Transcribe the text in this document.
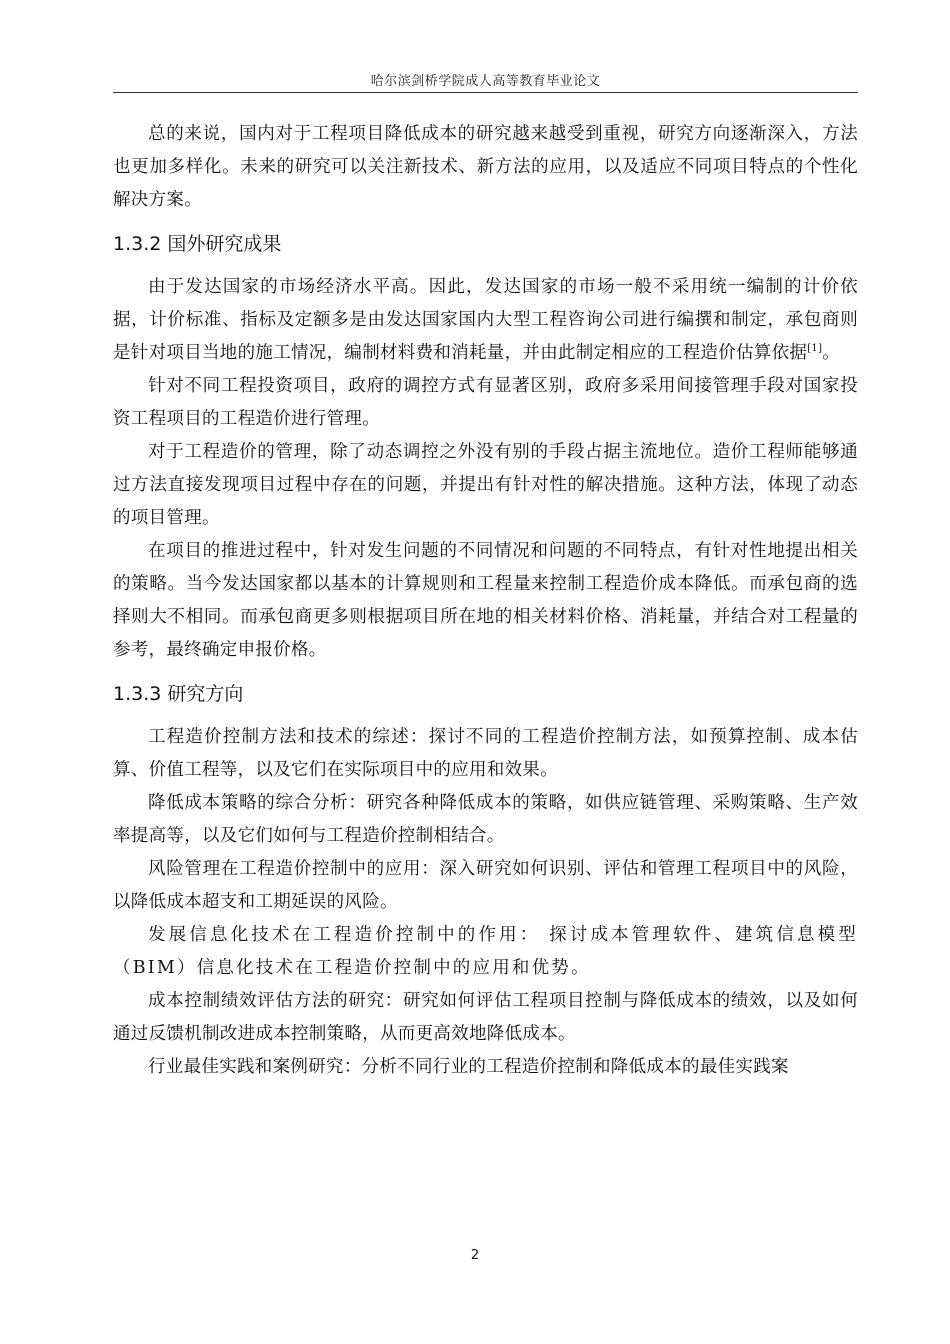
哈尔滨剑桥学院成人高等教育毕业论文

总的来说，国内对于工程项目降低成本的研究越来越受到重视，研究方向逐渐深入，方法也更加多样化。未来的研究可以关注新技术、新方法的应用，以及适应不同项目特点的个性化解决方案。

1.3.2 国外研究成果

由于发达国家的市场经济水平高。因此，发达国家的市场一般不采用统一编制的计价依据，计价标准、指标及定额多是由发达国家国内大型工程咨询公司进行编撰和制定，承包商则是针对项目当地的施工情况，编制材料费和消耗量，并由此制定相应的工程造价估算依据[1]。

针对不同工程投资项目，政府的调控方式有显著区别，政府多采用间接管理手段对国家投资工程项目的工程造价进行管理。

对于工程造价的管理，除了动态调控之外没有别的手段占据主流地位。造价工程师能够通过方法直接发现项目过程中存在的问题，并提出有针对性的解决措施。这种方法，体现了动态的项目管理。

在项目的推进过程中，针对发生问题的不同情况和问题的不同特点，有针对性地提出相关的策略。当今发达国家都以基本的计算规则和工程量来控制工程造价成本降低。而承包商的选择则大不相同。而承包商更多则根据项目所在地的相关材料价格、消耗量，并结合对工程量的参考，最终确定申报价格。

1.3.3 研究方向

工程造价控制方法和技术的综述：探讨不同的工程造价控制方法，如预算控制、成本估算、价值工程等，以及它们在实际项目中的应用和效果。

降低成本策略的综合分析：研究各种降低成本的策略，如供应链管理、采购策略、生产效率提高等，以及它们如何与工程造价控制相结合。

风险管理在工程造价控制中的应用：深入研究如何识别、评估和管理工程项目中的风险，以降低成本超支和工期延误的风险。

发展信息化技术在工程造价控制中的作用： 探讨成本管理软件、建筑信息模型 （BIM）信息化技术在工程造价控制中的应用和优势。

成本控制绩效评估方法的研究：研究如何评估工程项目控制与降低成本的绩效，以及如何通过反馈机制改进成本控制策略，从而更高效地降低成本。

行业最佳实践和案例研究：分析不同行业的工程造价控制和降低成本的最佳实践案

2
